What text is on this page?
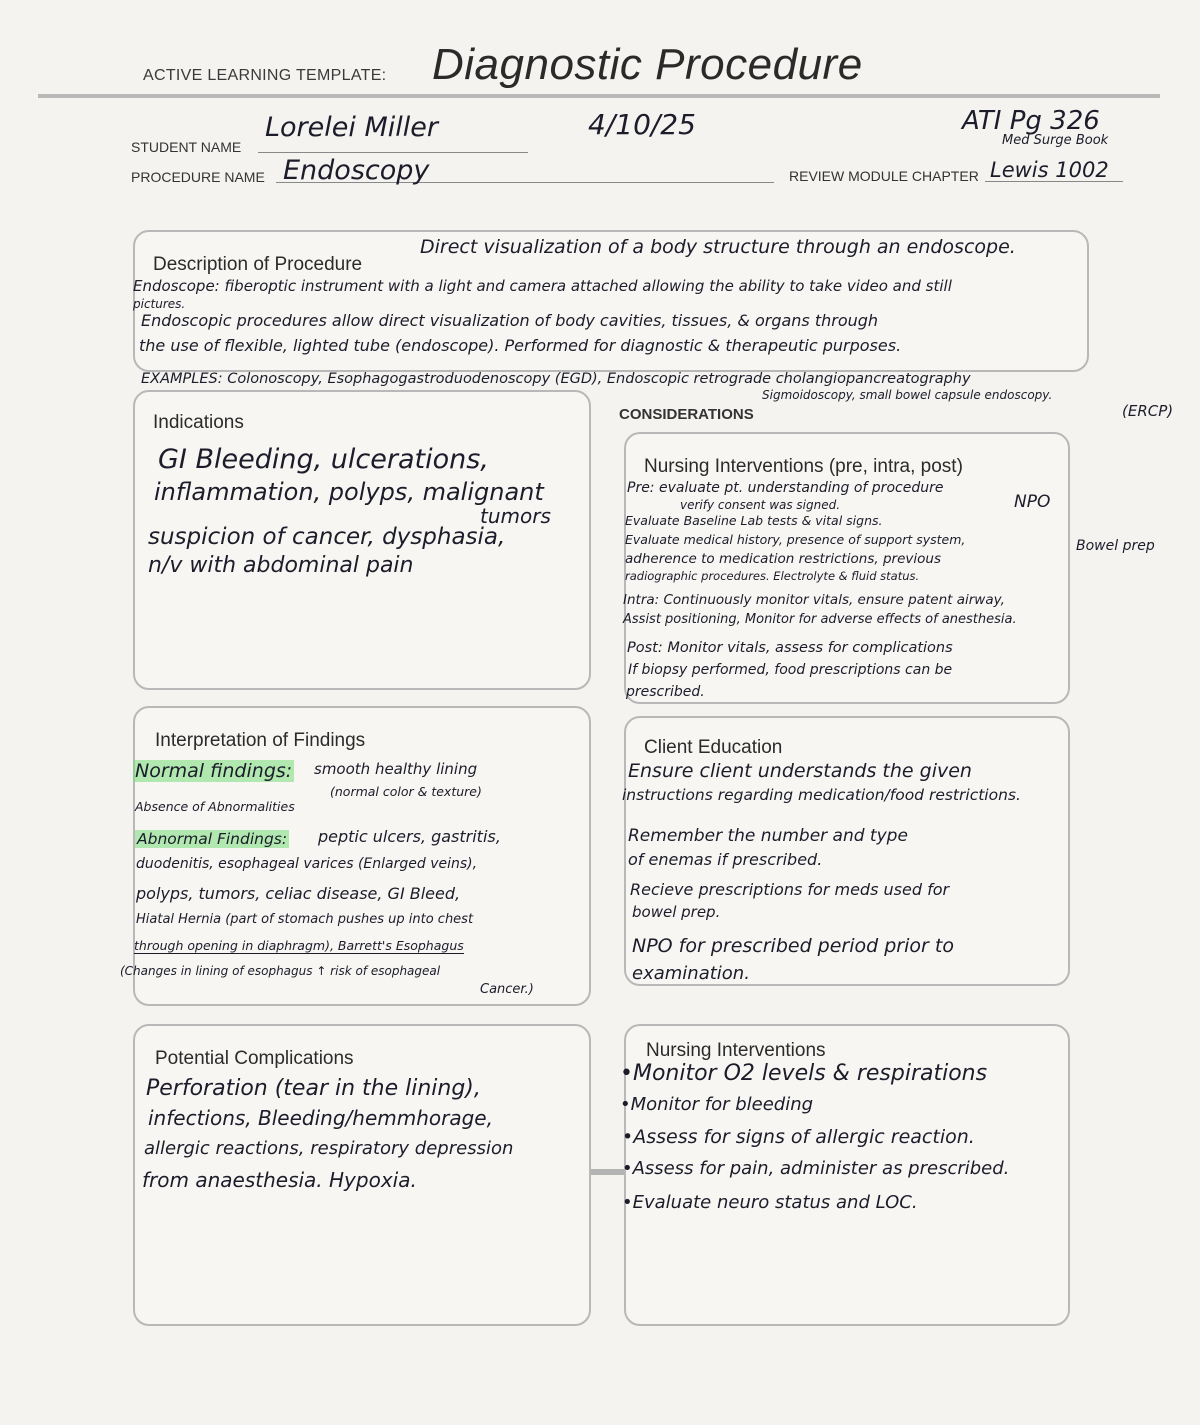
ACTIVE LEARNING TEMPLATE: Diagnostic Procedure
STUDENT NAME
Lorelei Miller	4/10/25	ATI Pg 326
Med Surge Book
PROCEDURE NAME Endoscopy	REVIEW MODULE CHAPTER Lewis 1002
Description of Procedure
Direct visualization of a body structure through an endoscope.
Endoscope: fiberoptic instrument with a light and camera attached allowing the ability to take video and still
pictures.
Endoscopic procedures allow direct visualization of body cavities, tissues, & organs through
the use of flexible, lighted tube (endoscope). Performed for diagnostic & therapeutic purposes.
EXAMPLES: Colonoscopy, Esophagogastroduodenoscopy (EGD), Endoscopic retrograde cholangiopancreatography
Sigmoidoscopy, small bowel capsule endoscopy.
(ERCP)
CONSIDERATIONS
Indications
GI Bleeding, ulcerations,
inflammation, polyps, malignant
tumors
suspicion of cancer, dysphasia,
n/v with abdominal pain
Nursing Interventions (pre, intra, post)
Pre: evaluate pt. understanding of procedure
verify consent was signed.	NPO
Evaluate Baseline Lab tests & vital signs.
Evaluate medical history, presence of support system,	Bowel prep
adherence to medication restrictions, previous
radiographic procedures. Electrolyte & fluid status.
Intra: Continuously monitor vitals, ensure patent airway,
Assist positioning, Monitor for adverse effects of anesthesia.
Post: Monitor vitals, assess for complications
If biopsy performed, food prescriptions can be
prescribed.
Interpretation of Findings
Normal findings: smooth healthy lining
(normal color & texture)
Absence of Abnormalities
Abnormal Findings: peptic ulcers, gastritis,
duodenitis, esophageal varices (Enlarged veins),
polyps, tumors, celiac disease, GI Bleed,
Hiatal Hernia (part of stomach pushes up into chest
through opening in diaphragm), Barrett's Esophagus
(Changes in lining of esophagus ↑ risk of esophageal
Cancer.)
Client Education
Ensure client understands the given
instructions regarding medication/food restrictions.
Remember the number and type
of enemas if prescribed.
Recieve prescriptions for meds used for
bowel prep.
NPO for prescribed period prior to
examination.
Potential Complications
Perforation (tear in the lining),
infections, Bleeding/hemmhorage,
allergic reactions, respiratory depression
from anaesthesia. Hypoxia.
Nursing Interventions
•Monitor O2 levels & respirations
•Monitor for bleeding
•Assess for signs of allergic reaction.
•Assess for pain, administer as prescribed.
•Evaluate neuro status and LOC.
